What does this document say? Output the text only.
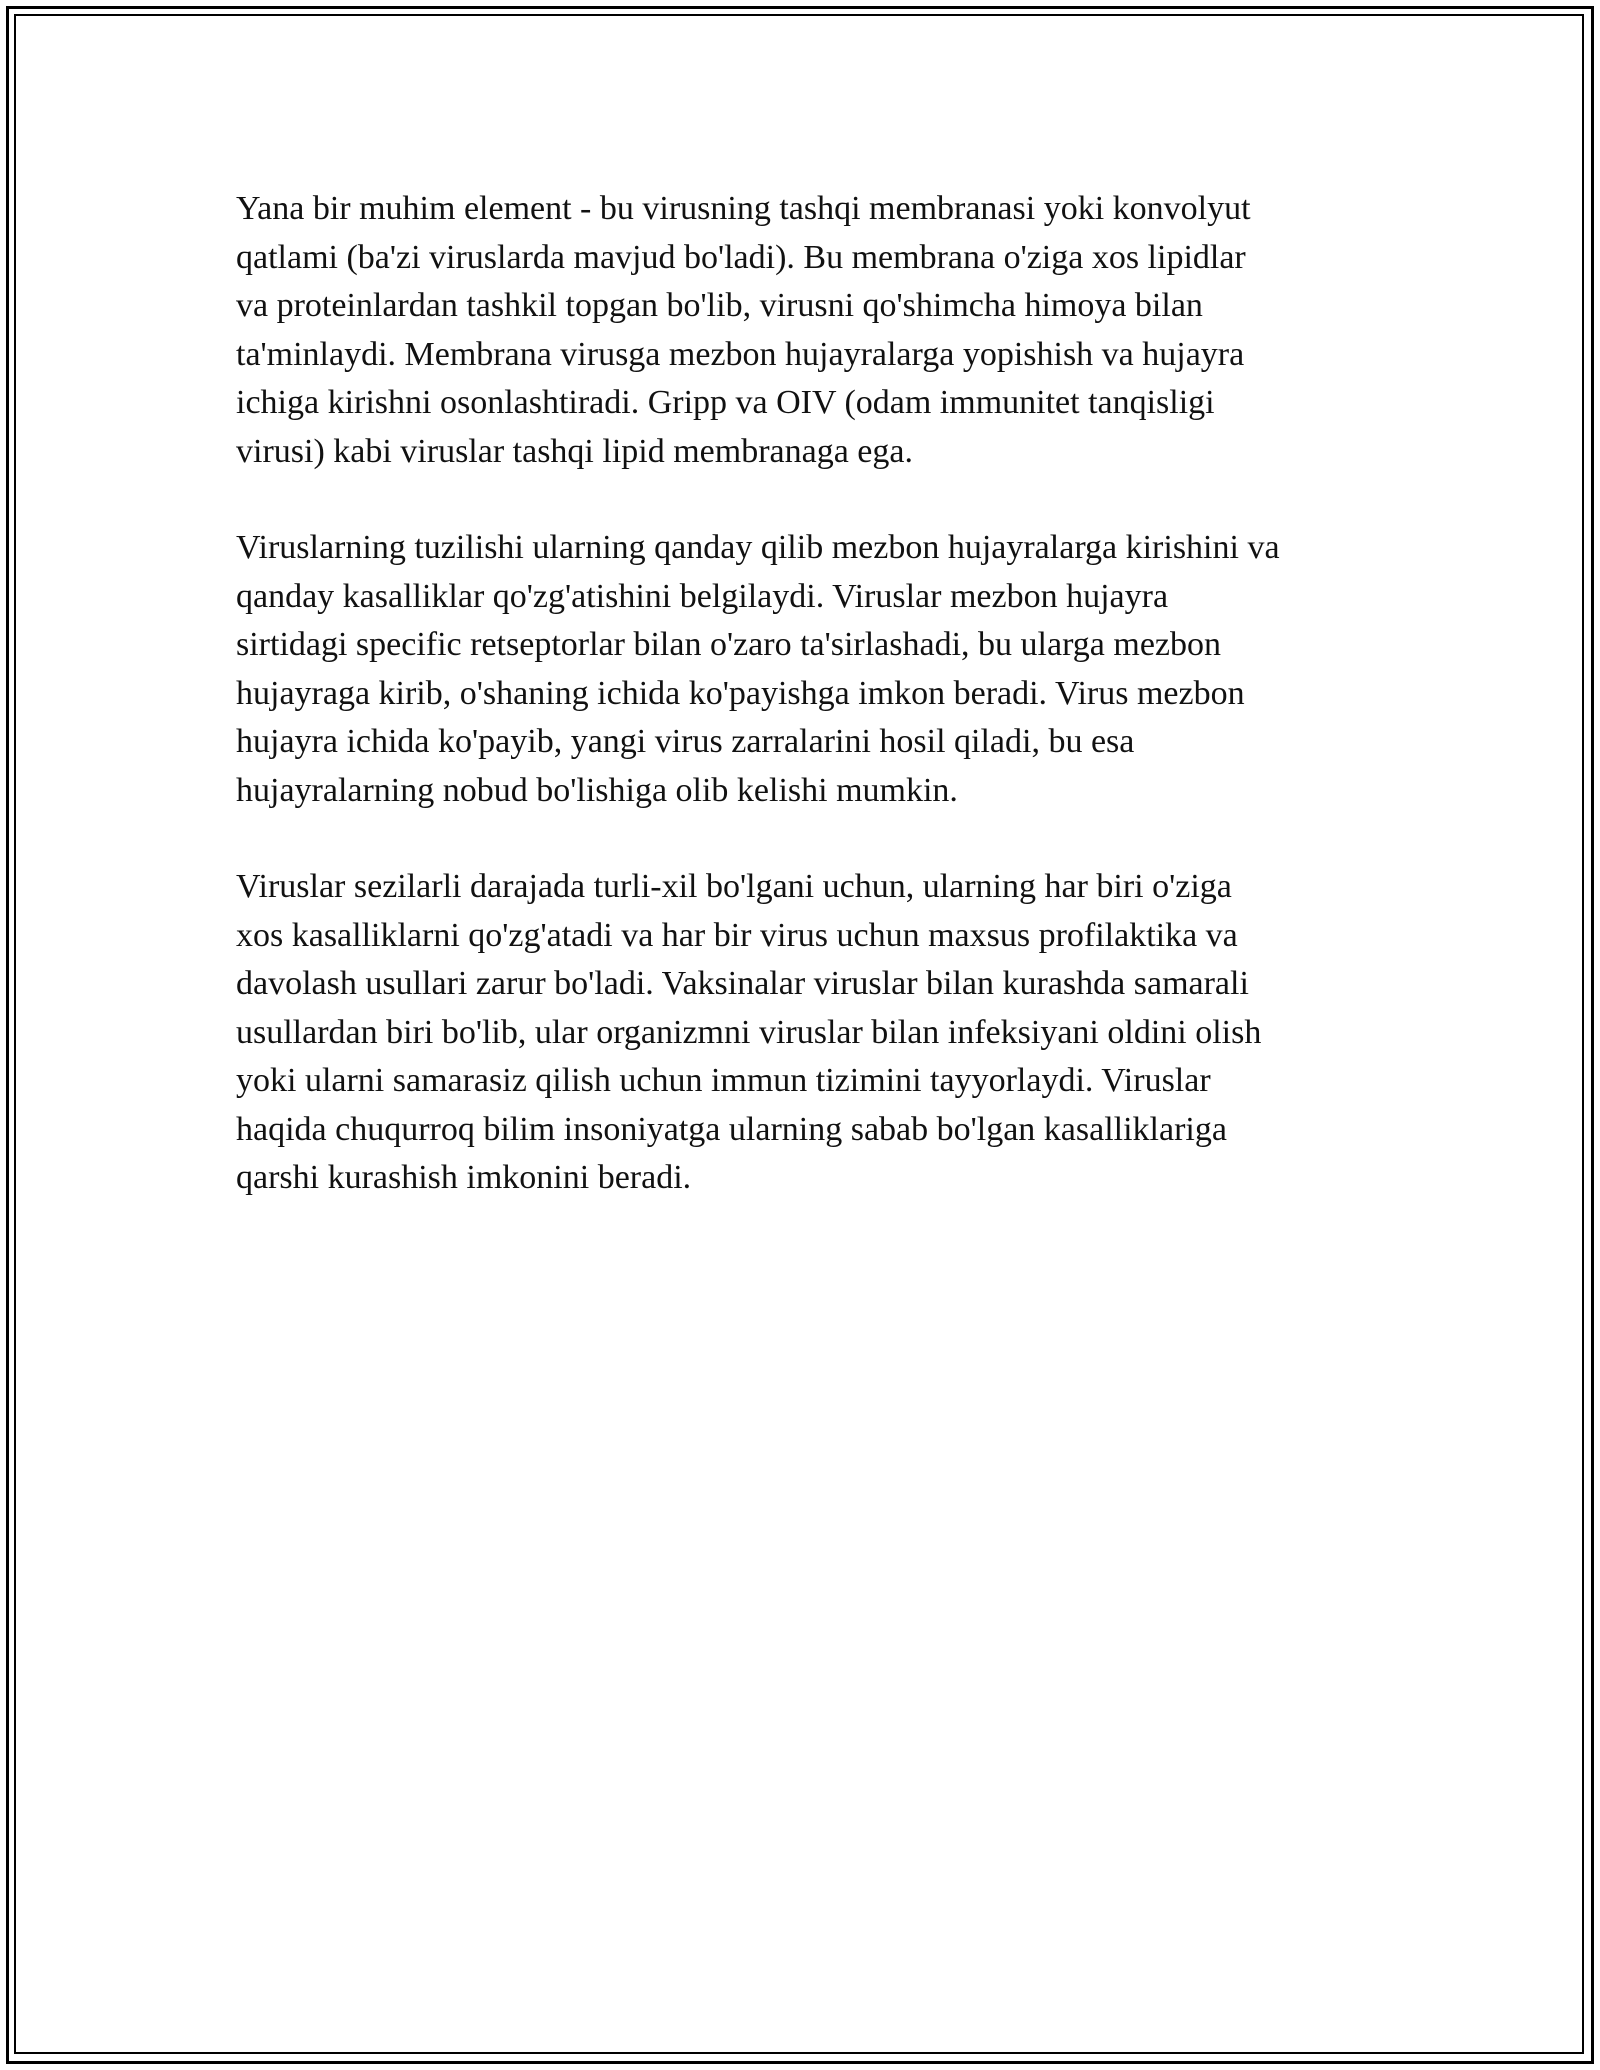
Yana bir muhim element - bu virusning tashqi membranasi yoki konvolyut
qatlami (ba'zi viruslarda mavjud bo'ladi). Bu membrana o'ziga xos lipidlar
va proteinlardan tashkil topgan bo'lib, virusni qo'shimcha himoya bilan
ta'minlaydi. Membrana virusga mezbon hujayralarga yopishish va hujayra
ichiga kirishni osonlashtiradi. Gripp va OIV (odam immunitet tanqisligi
virusi) kabi viruslar tashqi lipid membranaga ega.

Viruslarning tuzilishi ularning qanday qilib mezbon hujayralarga kirishini va
qanday kasalliklar qo'zg'atishini belgilaydi. Viruslar mezbon hujayra
sirtidagi specific retseptorlar bilan o'zaro ta'sirlashadi, bu ularga mezbon
hujayraga kirib, o'shaning ichida ko'payishga imkon beradi. Virus mezbon
hujayra ichida ko'payib, yangi virus zarralarini hosil qiladi, bu esa
hujayralarning nobud bo'lishiga olib kelishi mumkin.

Viruslar sezilarli darajada turli-xil bo'lgani uchun, ularning har biri o'ziga
xos kasalliklarni qo'zg'atadi va har bir virus uchun maxsus profilaktika va
davolash usullari zarur bo'ladi. Vaksinalar viruslar bilan kurashda samarali
usullardan biri bo'lib, ular organizmni viruslar bilan infeksiyani oldini olish
yoki ularni samarasiz qilish uchun immun tizimini tayyorlaydi. Viruslar
haqida chuqurroq bilim insoniyatga ularning sabab bo'lgan kasalliklariga
qarshi kurashish imkonini beradi.
